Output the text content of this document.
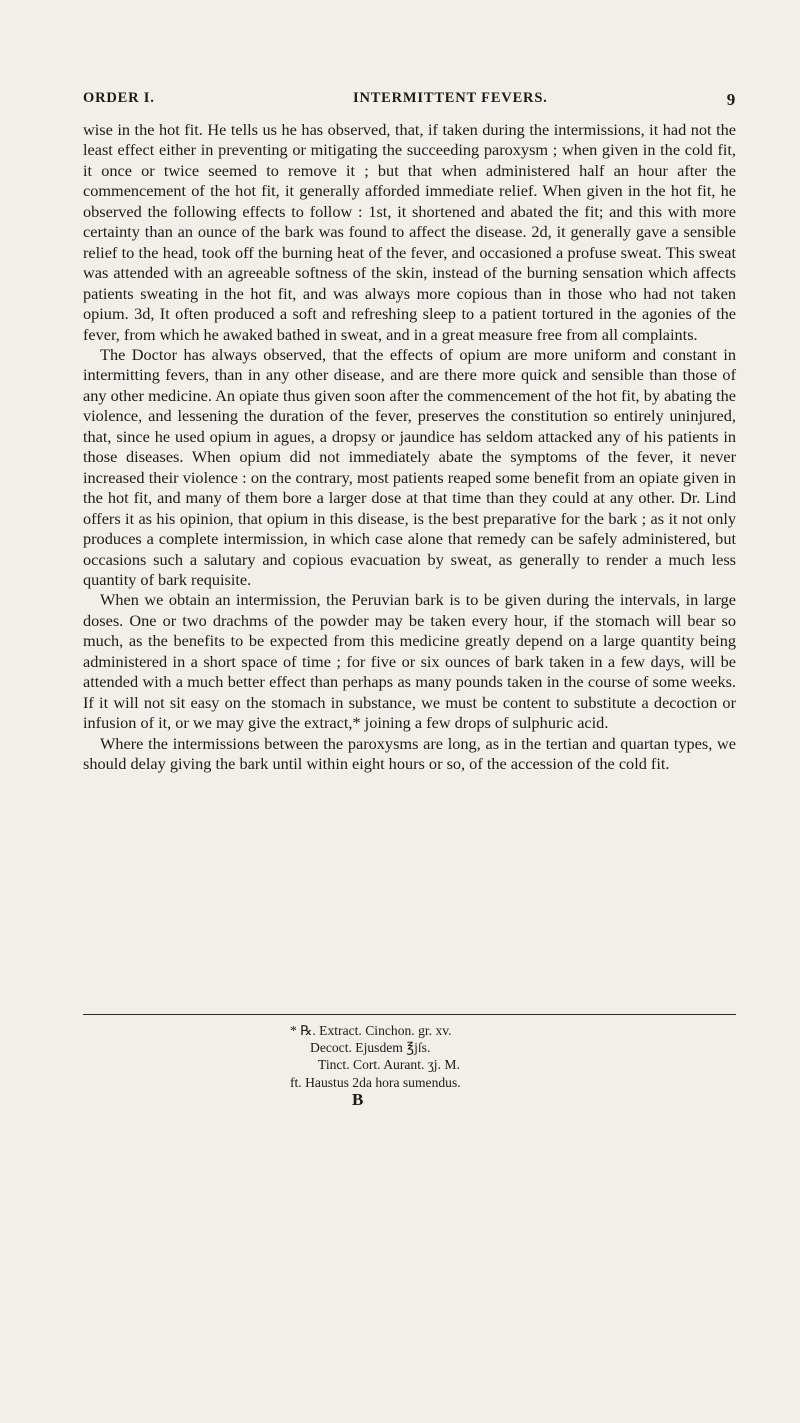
ORDER I.	INTERMITTENT FEVERS.	9

wise in the hot fit. He tells us he has observed, that, if taken during the intermissions, it had not the least effect either in preventing or mitigating the succeeding paroxysm ; when given in the cold fit, it once or twice seemed to remove it ; but that when administered half an hour after the commencement of the hot fit, it generally afforded immediate relief. When given in the hot fit, he observed the following effects to follow : 1st, it shortened and abated the fit; and this with more certainty than an ounce of the bark was found to affect the disease. 2d, it generally gave a sensible relief to the head, took off the burning heat of the fever, and occasioned a profuse sweat. This sweat was attended with an agreeable softness of the skin, instead of the burning sensation which affects patients sweating in the hot fit, and was always more copious than in those who had not taken opium. 3d, It often produced a soft and refreshing sleep to a patient tortured in the agonies of the fever, from which he awaked bathed in sweat, and in a great measure free from all complaints.

The Doctor has always observed, that the effects of opium are more uniform and constant in intermitting fevers, than in any other disease, and are there more quick and sensible than those of any other medicine. An opiate thus given soon after the commencement of the hot fit, by abating the violence, and lessening the duration of the fever, preserves the constitution so entirely uninjured, that, since he used opium in agues, a dropsy or jaundice has seldom attacked any of his patients in those diseases. When opium did not immediately abate the symptoms of the fever, it never increased their violence : on the contrary, most patients reaped some benefit from an opiate given in the hot fit, and many of them bore a larger dose at that time than they could at any other. Dr. Lind offers it as his opinion, that opium in this disease, is the best preparative for the bark ; as it not only produces a complete intermission, in which case alone that remedy can be safely administered, but occasions such a salutary and copious evacuation by sweat, as generally to render a much less quantity of bark requisite.

When we obtain an intermission, the Peruvian bark is to be given during the intervals, in large doses. One or two drachms of the powder may be taken every hour, if the stomach will bear so much, as the benefits to be expected from this medicine greatly depend on a large quantity being administered in a short space of time ; for five or six ounces of bark taken in a few days, will be attended with a much better effect than perhaps as many pounds taken in the course of some weeks. If it will not sit easy on the stomach in substance, we must be content to substitute a decoction or infusion of it, or we may give the extract,* joining a few drops of sulphuric acid.

Where the intermissions between the paroxysms are long, as in the tertian and quartan types, we should delay giving the bark until within eight hours or so, of the accession of the cold fit.

* ℞. Extract. Cinchon. gr. xv.
Decoct. Ejusdem ℥jſs.
Tinct. Cort. Aurant. ʒj. M.
ft. Haustus 2da hora sumendus.
B
